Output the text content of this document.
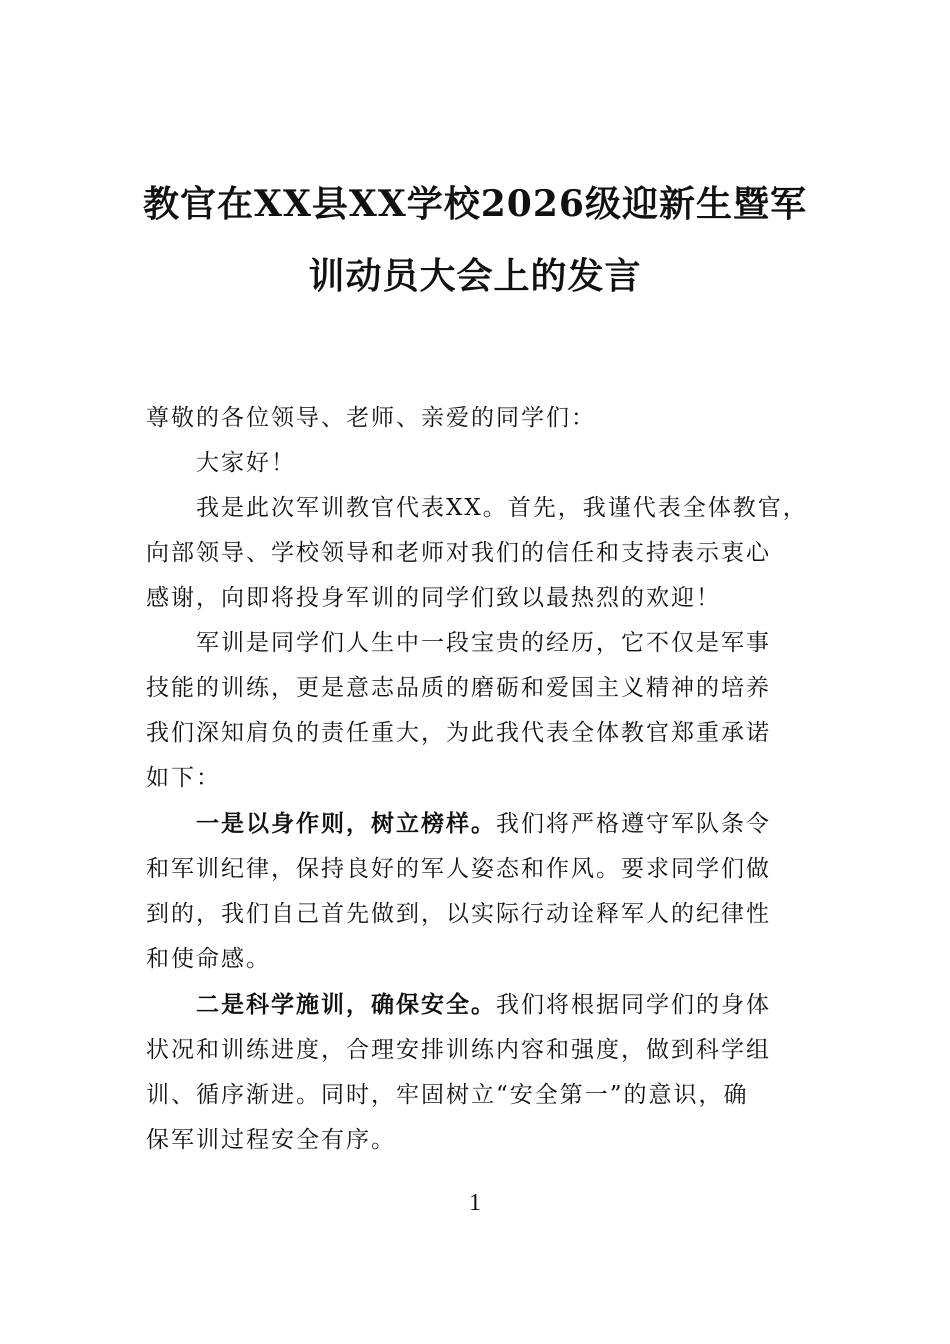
教官在XX县XX学校2026级迎新生暨军
训动员大会上的发言

尊敬的各位领导、老师、亲爱的同学们：

大家好！

我是此次军训教官代表XX。首先，我谨代表全体教官，

向部领导、学校领导和老师对我们的信任和支持表示衷心

感谢，向即将投身军训的同学们致以最热烈的欢迎！

军训是同学们人生中一段宝贵的经历，它不仅是军事

技能的训练，更是意志品质的磨砺和爱国主义精神的培养

我们深知肩负的责任重大，为此我代表全体教官郑重承诺

如下：

一是以身作则，树立榜样。我们将严格遵守军队条令

和军训纪律，保持良好的军人姿态和作风。要求同学们做

到的，我们自己首先做到，以实际行动诠释军人的纪律性

和使命感。

二是科学施训，确保安全。我们将根据同学们的身体

状况和训练进度，合理安排训练内容和强度，做到科学组

训、循序渐进。同时，牢固树立“安全第一”的意识，确

保军训过程安全有序。

1
